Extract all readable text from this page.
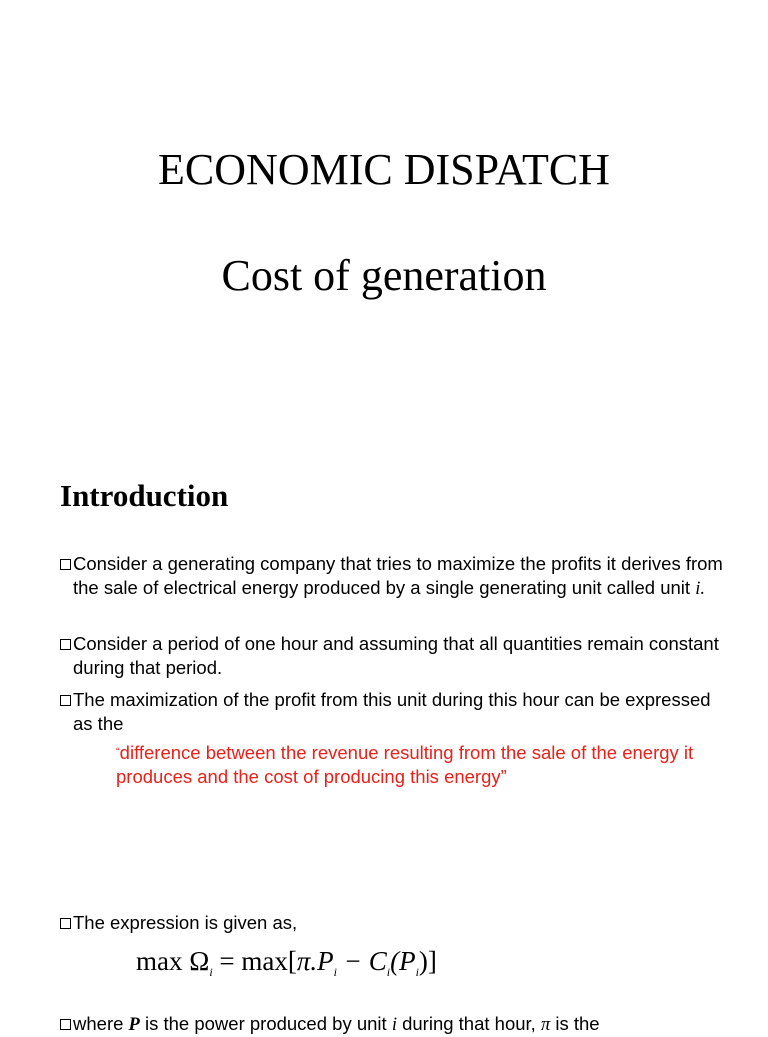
ECONOMIC DISPATCH
Cost of generation
Introduction
Consider a generating company that tries to maximize the profits it derives from the sale of electrical energy produced by a single generating unit called unit i.
Consider a period of one hour and assuming that all quantities remain constant during that period.
The maximization of the profit from this unit during this hour can be expressed as the
“difference between the revenue resulting from the sale of the energy it produces and the cost of producing this energy”
The expression is given as,
$\max \Omega_i = \max[\pi.P_i - C_i(P_i)]$
where P is the power produced by unit i during that hour, π is the
